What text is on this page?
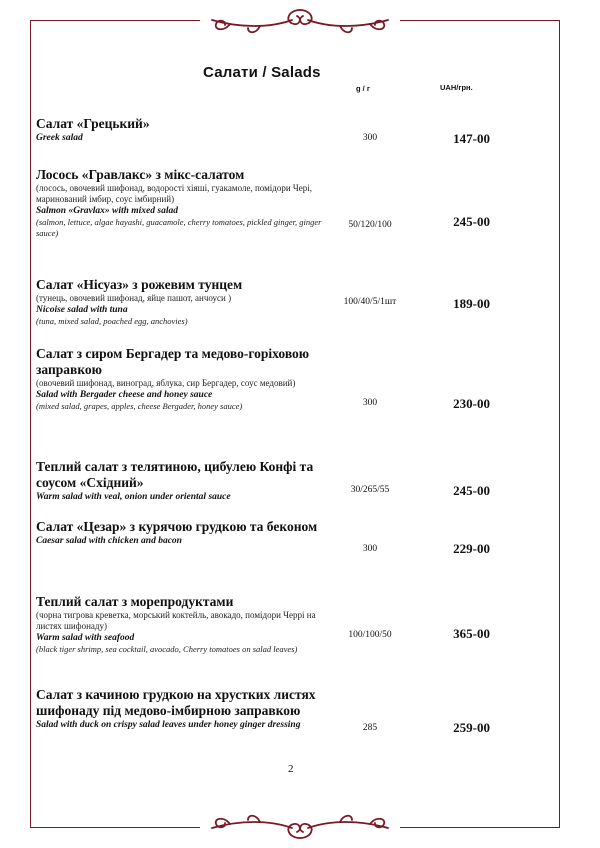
Салати / Salads
g / г	UAH/грн.
Салат «Грецький»
Greek salad	300	147-00
Лосось «Гравлакс» з мікс-салатом
(лосось, овочевий шифонад, водорості хіяші, гуакамоле, помідори Чері, маринований імбир, соус імбирний)
Salmon «Gravlax» with mixed salad
(salmon, lettuce, algae hayashi, guacamole, cherry tomatoes, pickled ginger, ginger sauce)
50/120/100	245-00
Салат «Нісуаз» з рожевим тунцем
(тунець, овочевий шифонад, яйце пашот, анчоуси )
Nicoise salad with tuna
(tuna, mixed salad, poached egg, anchovies)
100/40/5/1шт	189-00
Салат з сиром Бергадер та медово-горіховою заправкою
(овочевий шифонад, виноград, яблука, сир Бергадер, соус медовий)
Salad with Bergader cheese and honey sauce
(mixed salad, grapes, apples, cheese Bergader, honey sauce)	300	230-00
Теплий салат з телятиною, цибулею Конфі та соусом «Східний»
Warm salad with veal, onion under oriental sauce
30/265/55	245-00
Салат «Цезар» з курячою грудкою та беконом
Caesar salad with chicken and bacon
300	229-00
Теплий салат з морепродуктами
(чорна тигрова креветка, морський коктейль, авокадо, помідори Черрі на листях шифонаду)
Warm salad with seafood
(black tiger shrimp, sea cocktail, avocado, Cherry tomatoes on salad leaves)
100/100/50	365-00
Салат з качиною грудкою на хрустких листях шифонаду під медово-імбирною заправкою
Salad with duck on crispy salad leaves under honey ginger dressing	285	259-00
2
